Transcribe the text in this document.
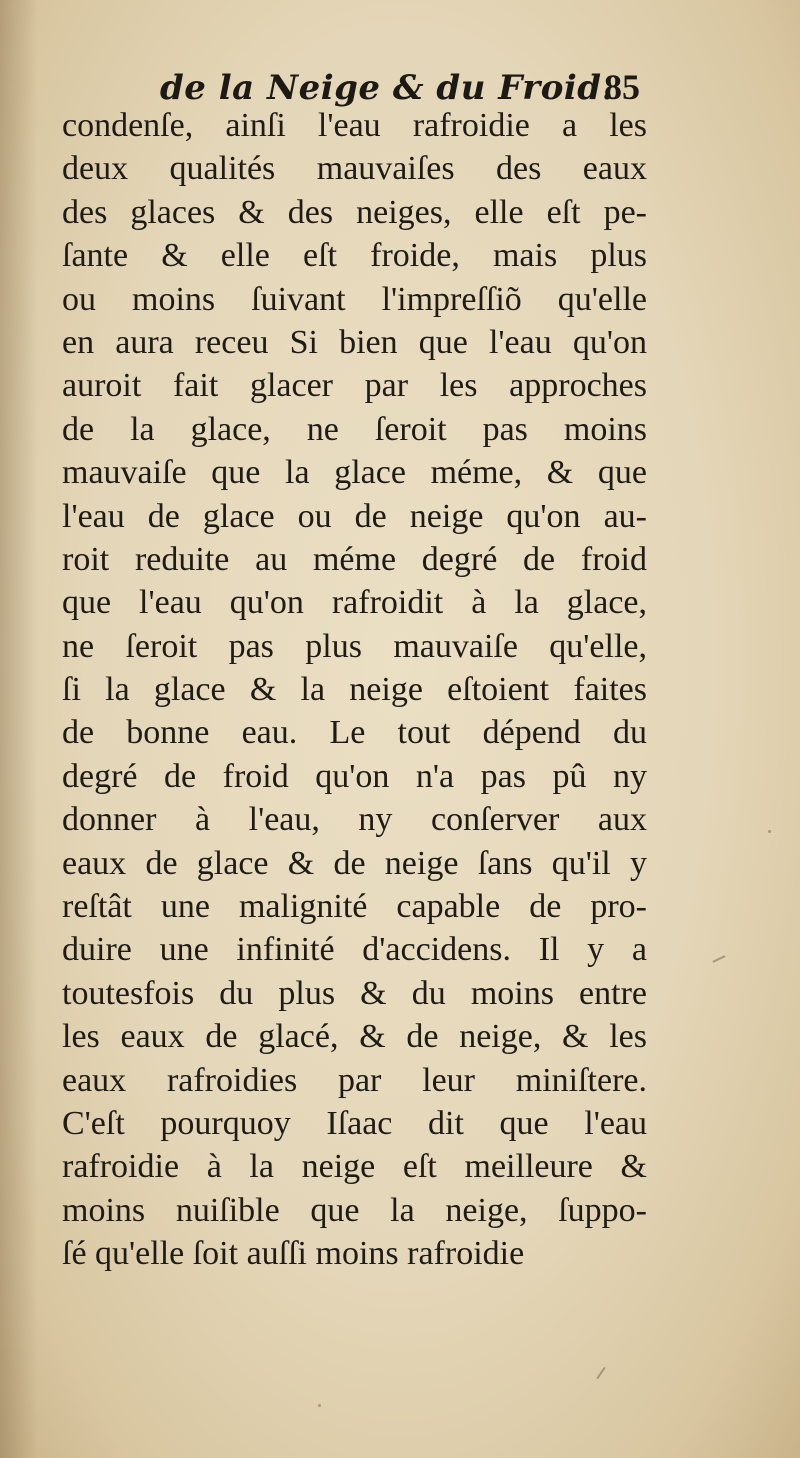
de la Neige & du Froid.
85
condenſe, ainſi l'eau rafroidie a les
deux qualités mauvaiſes des eaux
des glaces & des neiges, elle eſt pe-
ſante & elle eſt froide, mais plus
ou moins ſuivant l'impreſſiõ qu'elle
en aura receu Si bien que l'eau qu'on
auroit fait glacer par les approches
de la glace, ne ſeroit pas moins
mauvaiſe que la glace méme, & que
l'eau de glace ou de neige qu'on au-
roit reduite au méme degré de froid
que l'eau qu'on rafroidit à la glace,
ne ſeroit pas plus mauvaiſe qu'elle,
ſi la glace & la neige eſtoient faites
de bonne eau. Le tout dépend du
degré de froid qu'on n'a pas pû ny
donner à l'eau, ny conſerver aux
eaux de glace & de neige ſans qu'il y
reſtât une malignité capable de pro-
duire une infinité d'accidens. Il y a
toutesfois du plus & du moins entre
les eaux de glacé, & de neige, & les
eaux rafroidies par leur miniſtere.
C'eſt pourquoy Iſaac dit que l'eau
rafroidie à la neige eſt meilleure &
moins nuiſible que la neige, ſuppo-
ſé qu'elle ſoit auſſi moins rafroidie
